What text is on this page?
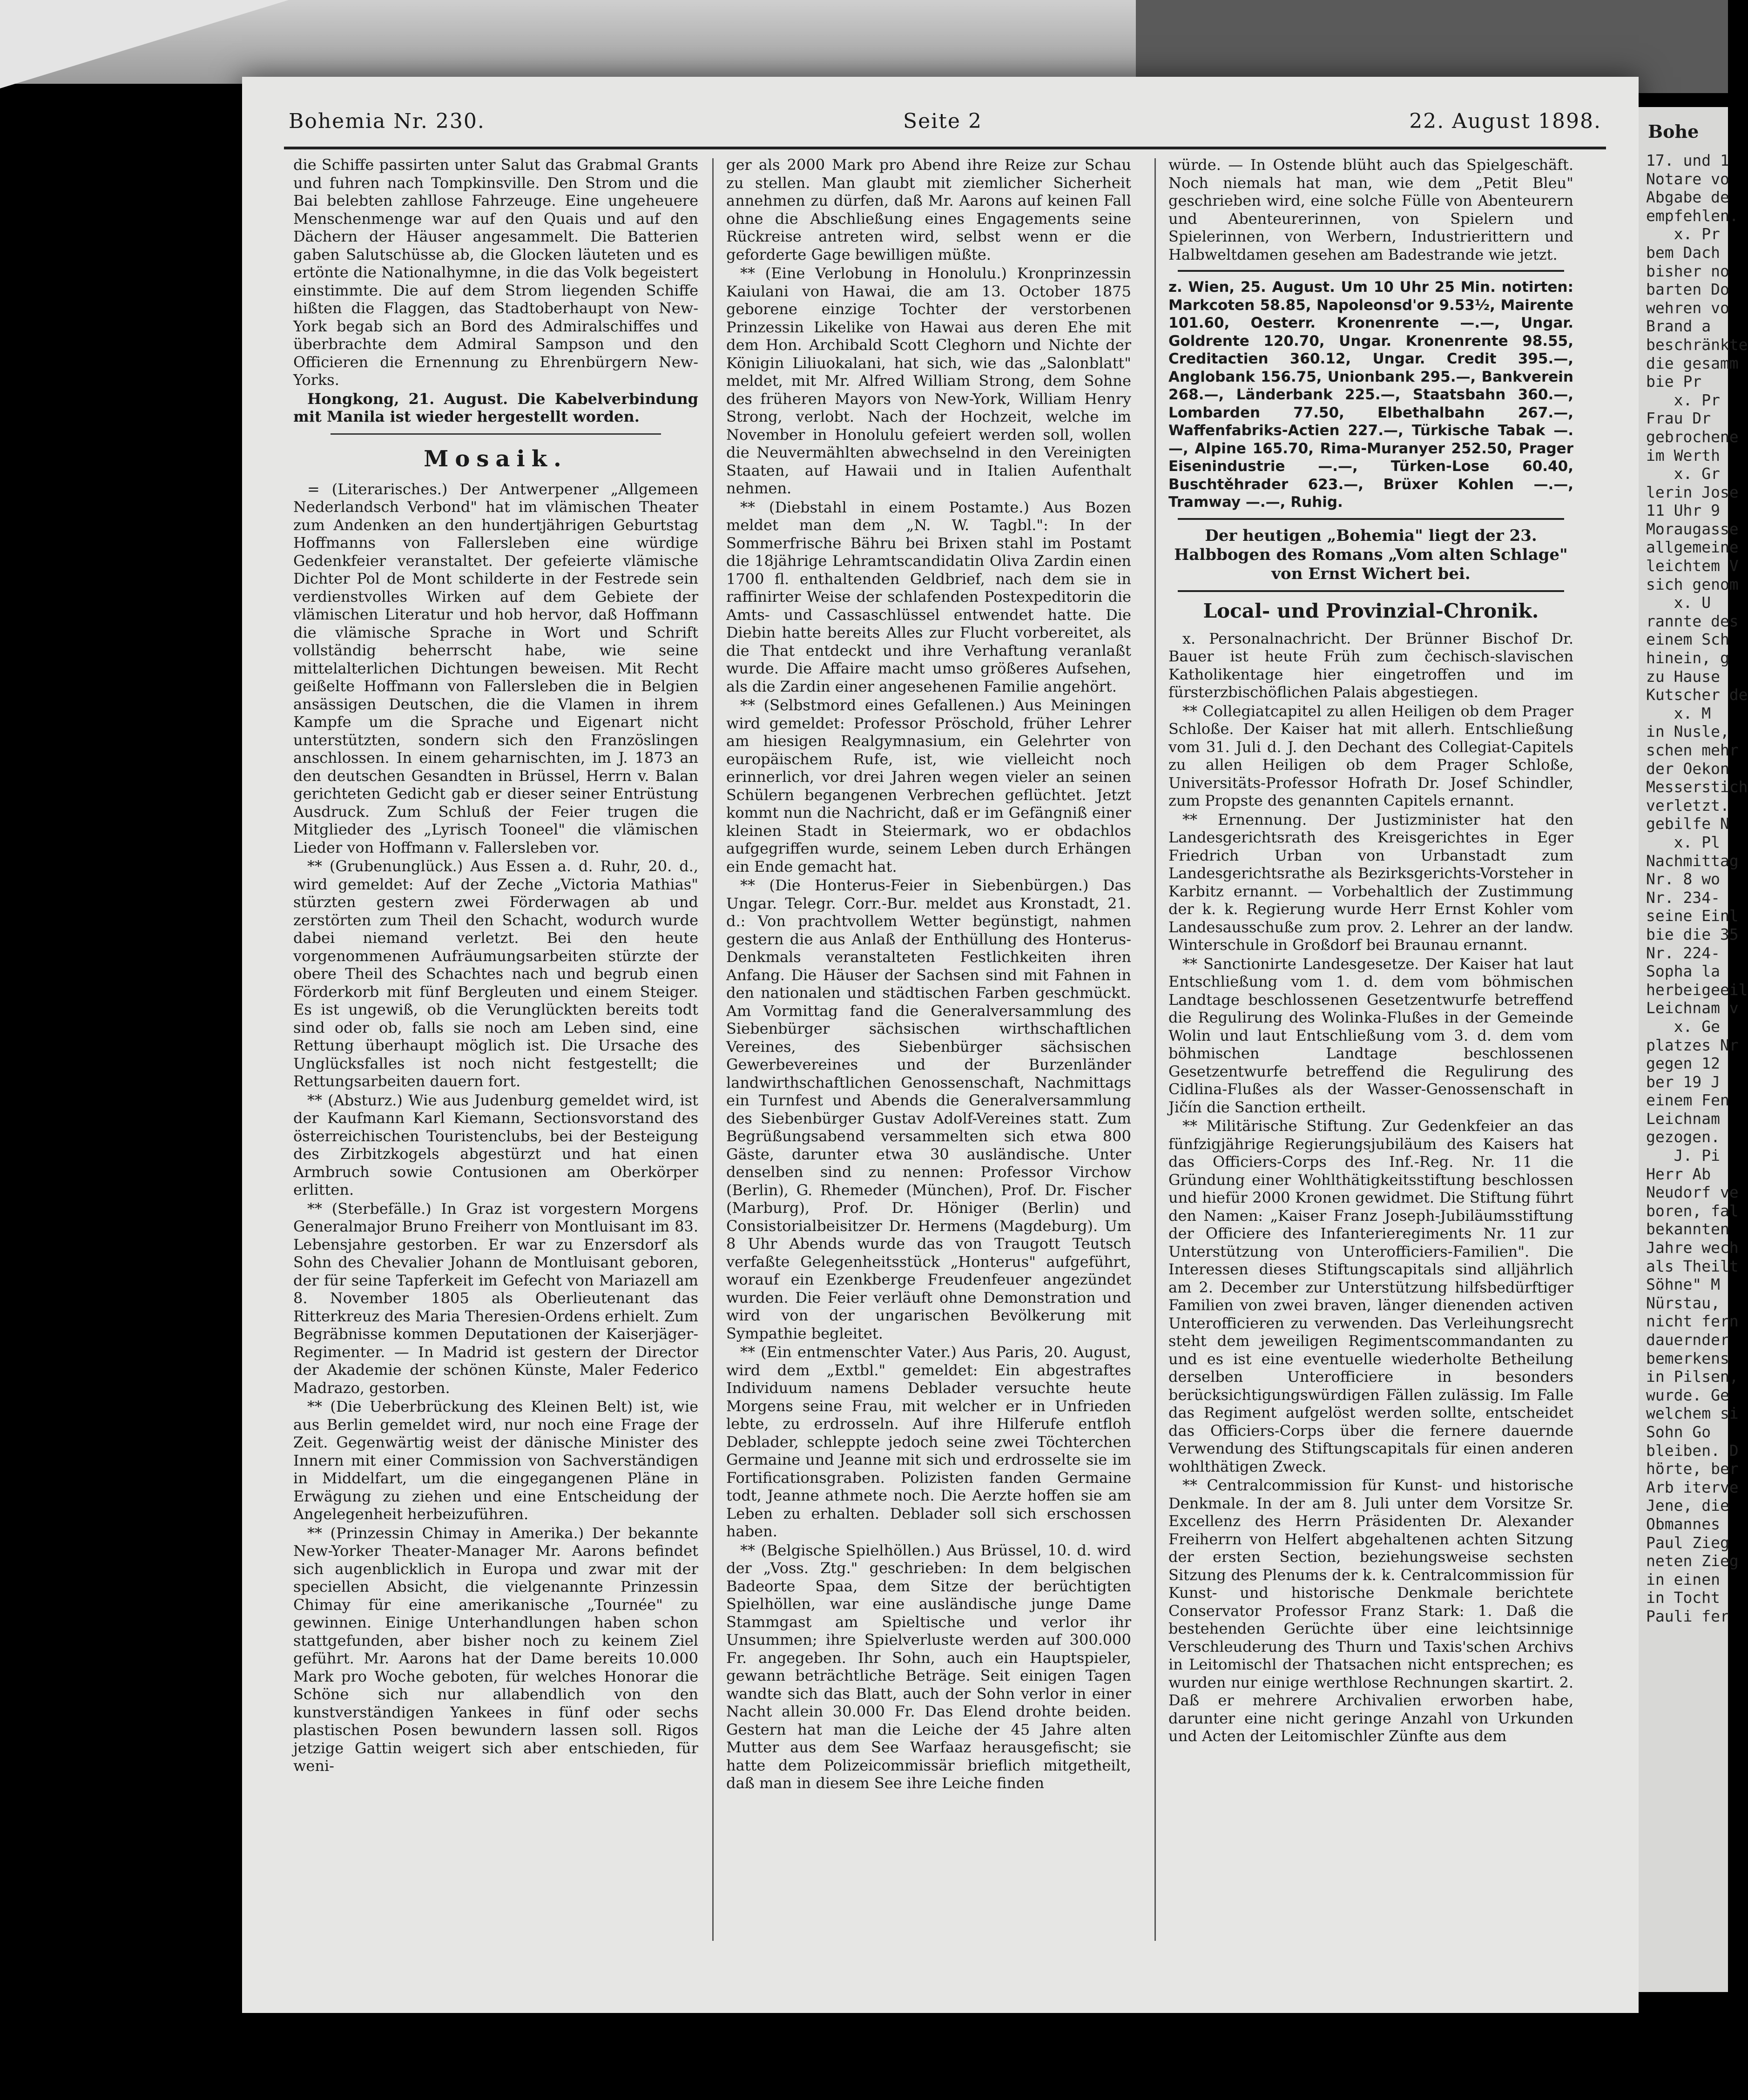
Bohemia Nr. 230.	Seite 2	22. August 1898.

die Schiffe passirten unter Salut das Grabmal Grants und fuhren nach Tompkinsville. Den Strom und die Bai belebten zahllose Fahrzeuge. Eine ungeheuere Menschenmenge war auf den Quais und auf den Dächern der Häuser angesammelt. Die Batterien gaben Salutschüsse ab, die Glocken läuteten und es ertönte die Nationalhymne, in die das Volk begeistert einstimmte. Die auf dem Strom liegenden Schiffe hißten die Flaggen, das Stadtoberhaupt von New-York begab sich an Bord des Admiralschiffes und überbrachte dem Admiral Sampson und den Officieren die Ernennung zu Ehrenbürgern New-Yorks.

Hongkong, 21. August. Die Kabelverbindung mit Manila ist wieder hergestellt worden.

Mosaik.

= (Literarisches.) Der Antwerpener „Allgemeen Nederlandsch Verbond" hat im vlämischen Theater zum Andenken an den hundertjährigen Geburtstag Hoffmanns von Fallersleben eine würdige Gedenkfeier veranstaltet. Der gefeierte vlämische Dichter Pol de Mont schilderte in der Festrede sein verdienstvolles Wirken auf dem Gebiete der vlämischen Literatur und hob hervor, daß Hoffmann die vlämische Sprache in Wort und Schrift vollständig beherrscht habe, wie seine mittelalterlichen Dichtungen beweisen. Mit Recht geißelte Hoffmann von Fallersleben die in Belgien ansässigen Deutschen, die die Vlamen in ihrem Kampfe um die Sprache und Eigenart nicht unterstützten, sondern sich den Französlingen anschlossen. In einem geharnischten, im J. 1873 an den deutschen Gesandten in Brüssel, Herrn v. Balan gerichteten Gedicht gab er dieser seiner Entrüstung Ausdruck. Zum Schluß der Feier trugen die Mitglieder des „Lyrisch Tooneel" die vlämischen Lieder von Hoffmann v. Fallersleben vor.

** (Grubenunglück.) Aus Essen a. d. Ruhr, 20. d., wird gemeldet: Auf der Zeche „Victoria Mathias" stürzten gestern zwei Förderwagen ab und zerstörten zum Theil den Schacht, wodurch wurde dabei niemand verletzt. Bei den heute vorgenommenen Aufräumungsarbeiten stürzte der obere Theil des Schachtes nach und begrub einen Förderkorb mit fünf Bergleuten und einem Steiger. Es ist ungewiß, ob die Verunglückten bereits todt sind oder ob, falls sie noch am Leben sind, eine Rettung überhaupt möglich ist. Die Ursache des Unglücksfalles ist noch nicht festgestellt; die Rettungsarbeiten dauern fort.

** (Absturz.) Wie aus Judenburg gemeldet wird, ist der Kaufmann Karl Kiemann, Sectionsvorstand des österreichischen Touristenclubs, bei der Besteigung des Zirbitzkogels abgestürzt und hat einen Armbruch sowie Contusionen am Oberkörper erlitten.

** (Sterbefälle.) In Graz ist vorgestern Morgens Generalmajor Bruno Freiherr von Montluisant im 83. Lebensjahre gestorben. Er war zu Enzersdorf als Sohn des Chevalier Johann de Montluisant geboren, der für seine Tapferkeit im Gefecht von Mariazell am 8. November 1805 als Oberlieutenant das Ritterkreuz des Maria Theresien-Ordens erhielt. Zum Begräbnisse kommen Deputationen der Kaiserjäger-Regimenter. — In Madrid ist gestern der Director der Akademie der schönen Künste, Maler Federico Madrazo, gestorben.

** (Die Ueberbrückung des Kleinen Belt) ist, wie aus Berlin gemeldet wird, nur noch eine Frage der Zeit. Gegenwärtig weist der dänische Minister des Innern mit einer Commission von Sachverständigen in Middelfart, um die eingegangenen Pläne in Erwägung zu ziehen und eine Entscheidung der Angelegenheit herbeizuführen.

** (Prinzessin Chimay in Amerika.) Der bekannte New-Yorker Theater-Manager Mr. Aarons befindet sich augenblicklich in Europa und zwar mit der speciellen Absicht, die vielgenannte Prinzessin Chimay für eine amerikanische „Tournée" zu gewinnen. Einige Unterhandlungen haben schon stattgefunden, aber bisher noch zu keinem Ziel geführt. Mr. Aarons hat der Dame bereits 10.000 Mark pro Woche geboten, für welches Honorar die Schöne sich nur allabendlich von den kunstverständigen Yankees in fünf oder sechs plastischen Posen bewundern lassen soll. Rigos jetzige Gattin weigert sich aber entschieden, für weni-

ger als 2000 Mark pro Abend ihre Reize zur Schau zu stellen. Man glaubt mit ziemlicher Sicherheit annehmen zu dürfen, daß Mr. Aarons auf keinen Fall ohne die Abschließung eines Engagements seine Rückreise antreten wird, selbst wenn er die geforderte Gage bewilligen müßte.

** (Eine Verlobung in Honolulu.) Kronprinzessin Kaiulani von Hawai, die am 13. October 1875 geborene einzige Tochter der verstorbenen Prinzessin Likelike von Hawai aus deren Ehe mit dem Hon. Archibald Scott Cleghorn und Nichte der Königin Liliuokalani, hat sich, wie das „Salonblatt" meldet, mit Mr. Alfred William Strong, dem Sohne des früheren Mayors von New-York, William Henry Strong, verlobt. Nach der Hochzeit, welche im November in Honolulu gefeiert werden soll, wollen die Neuvermählten abwechselnd in den Vereinigten Staaten, auf Hawaii und in Italien Aufenthalt nehmen.

** (Diebstahl in einem Postamte.) Aus Bozen meldet man dem „N. W. Tagbl.": In der Sommerfrische Bähru bei Brixen stahl im Postamt die 18jährige Lehramtscandidatin Oliva Zardin einen 1700 fl. enthaltenden Geldbrief, nach dem sie in raffinirter Weise der schlafenden Postexpeditorin die Amts- und Cassaschlüssel entwendet hatte. Die Diebin hatte bereits Alles zur Flucht vorbereitet, als die That entdeckt und ihre Verhaftung veranlaßt wurde. Die Affaire macht umso größeres Aufsehen, als die Zardin einer angesehenen Familie angehört.

** (Selbstmord eines Gefallenen.) Aus Meiningen wird gemeldet: Professor Pröschold, früher Lehrer am hiesigen Realgymnasium, ein Gelehrter von europäischem Rufe, ist, wie vielleicht noch erinnerlich, vor drei Jahren wegen vieler an seinen Schülern begangenen Verbrechen geflüchtet. Jetzt kommt nun die Nachricht, daß er im Gefängniß einer kleinen Stadt in Steiermark, wo er obdachlos aufgegriffen wurde, seinem Leben durch Erhängen ein Ende gemacht hat.

** (Die Honterus-Feier in Siebenbürgen.) Das Ungar. Telegr. Corr.-Bur. meldet aus Kronstadt, 21. d.: Von prachtvollem Wetter begünstigt, nahmen gestern die aus Anlaß der Enthüllung des Honterus-Denkmals veranstalteten Festlichkeiten ihren Anfang. Die Häuser der Sachsen sind mit Fahnen in den nationalen und städtischen Farben geschmückt. Am Vormittag fand die Generalversammlung des Siebenbürger sächsischen wirthschaftlichen Vereines, des Siebenbürger sächsischen Gewerbevereines und der Burzenländer landwirthschaftlichen Genossenschaft, Nachmittags ein Turnfest und Abends die Generalversammlung des Siebenbürger Gustav Adolf-Vereines statt. Zum Begrüßungsabend versammelten sich etwa 800 Gäste, darunter etwa 30 ausländische. Unter denselben sind zu nennen: Professor Virchow (Berlin), G. Rhemeder (München), Prof. Dr. Fischer (Marburg), Prof. Dr. Höniger (Berlin) und Consistorialbeisitzer Dr. Hermens (Magdeburg). Um 8 Uhr Abends wurde das von Traugott Teutsch verfaßte Gelegenheitsstück „Honterus" aufgeführt, worauf ein Ezenkberge Freudenfeuer angezündet wurden. Die Feier verläuft ohne Demonstration und wird von der ungarischen Bevölkerung mit Sympathie begleitet.

** (Ein entmenschter Vater.) Aus Paris, 20. August, wird dem „Extbl." gemeldet: Ein abgestraftes Individuum namens Deblader versuchte heute Morgens seine Frau, mit welcher er in Unfrieden lebte, zu erdrosseln. Auf ihre Hilferufe entfloh Deblader, schleppte jedoch seine zwei Töchterchen Germaine und Jeanne mit sich und erdrosselte sie im Fortificationsgraben. Polizisten fanden Germaine todt, Jeanne athmete noch. Die Aerzte hoffen sie am Leben zu erhalten. Deblader soll sich erschossen haben.

** (Belgische Spielhöllen.) Aus Brüssel, 10. d. wird der „Voss. Ztg." geschrieben: In dem belgischen Badeorte Spaa, dem Sitze der berüchtigten Spielhöllen, war eine ausländische junge Dame Stammgast am Spieltische und verlor ihr Unsummen; ihre Spielverluste werden auf 300.000 Fr. angegeben. Ihr Sohn, auch ein Hauptspieler, gewann beträchtliche Beträge. Seit einigen Tagen wandte sich das Blatt, auch der Sohn verlor in einer Nacht allein 30.000 Fr. Das Elend drohte beiden. Gestern hat man die Leiche der 45 Jahre alten Mutter aus dem See Warfaaz herausgefischt; sie hatte dem Polizeicommissär brieflich mitgetheilt, daß man in diesem See ihre Leiche finden

würde. — In Ostende blüht auch das Spielgeschäft. Noch niemals hat man, wie dem „Petit Bleu" geschrieben wird, eine solche Fülle von Abenteurern und Abenteurerinnen, von Spielern und Spielerinnen, von Werbern, Industrierittern und Halbweltdamen gesehen am Badestrande wie jetzt.

z. Wien, 25. August. Um 10 Uhr 25 Min. notirten: Markcoten 58.85, Napoleonsd'or 9.53½, Mairente 101.60, Oesterr. Kronenrente —.—, Ungar. Goldrente 120.70, Ungar. Kronenrente 98.55, Creditactien 360.12, Ungar. Credit 395.—, Anglobank 156.75, Unionbank 295.—, Bankverein 268.—, Länderbank 225.—, Staatsbahn 360.—, Lombarden 77.50, Elbethalbahn 267.—, Waffenfabriks-Actien 227.—, Türkische Tabak —.—, Alpine 165.70, Rima-Muranyer 252.50, Prager Eisenindustrie —.—, Türken-Lose 60.40, Buschtěhrader 623.—, Brüxer Kohlen —.—, Tramway —.—, Ruhig.
Der heutigen „Bohemia" liegt der 23. Halbbogen des Romans „Vom alten Schlage" von Ernst Wichert bei.
Local- und Provinzial-Chronik.

x. Personalnachricht. Der Brünner Bischof Dr. Bauer ist heute Früh zum čechisch-slavischen Katholikentage hier eingetroffen und im fürsterzbischöflichen Palais abgestiegen.

** Collegiatcapitel zu allen Heiligen ob dem Prager Schloße. Der Kaiser hat mit allerh. Entschließung vom 31. Juli d. J. den Dechant des Collegiat-Capitels zu allen Heiligen ob dem Prager Schloße, Universitäts-Professor Hofrath Dr. Josef Schindler, zum Propste des genannten Capitels ernannt.

** Ernennung. Der Justizminister hat den Landesgerichtsrath des Kreisgerichtes in Eger Friedrich Urban von Urbanstadt zum Landesgerichtsrathe als Bezirksgerichts-Vorsteher in Karbitz ernannt. — Vorbehaltlich der Zustimmung der k. k. Regierung wurde Herr Ernst Kohler vom Landesausschuße zum prov. 2. Lehrer an der landw. Winterschule in Großdorf bei Braunau ernannt.

** Sanctionirte Landesgesetze. Der Kaiser hat laut Entschließung vom 1. d. dem vom böhmischen Landtage beschlossenen Gesetzentwurfe betreffend die Regulirung des Wolinka-Flußes in der Gemeinde Wolin und laut Entschließung vom 3. d. dem vom böhmischen Landtage beschlossenen Gesetzentwurfe betreffend die Regulirung des Cidlina-Flußes als der Wasser-Genossenschaft in Jičín die Sanction ertheilt.

** Militärische Stiftung. Zur Gedenkfeier an das fünfzigjährige Regierungsjubiläum des Kaisers hat das Officiers-Corps des Inf.-Reg. Nr. 11 die Gründung einer Wohlthätigkeitsstiftung beschlossen und hiefür 2000 Kronen gewidmet. Die Stiftung führt den Namen: „Kaiser Franz Joseph-Jubiläumsstiftung der Officiere des Infanterieregiments Nr. 11 zur Unterstützung von Unterofficiers-Familien". Die Interessen dieses Stiftungscapitals sind alljährlich am 2. December zur Unterstützung hilfsbedürftiger Familien von zwei braven, länger dienenden activen Unterofficieren zu verwenden. Das Verleihungsrecht steht dem jeweiligen Regimentscommandanten zu und es ist eine eventuelle wiederholte Betheilung derselben Unterofficiere in besonders berücksichtigungswürdigen Fällen zulässig. Im Falle das Regiment aufgelöst werden sollte, entscheidet das Officiers-Corps über die fernere dauernde Verwendung des Stiftungscapitals für einen anderen wohlthätigen Zweck.

** Centralcommission für Kunst- und historische Denkmale. In der am 8. Juli unter dem Vorsitze Sr. Excellenz des Herrn Präsidenten Dr. Alexander Freiherrn von Helfert abgehaltenen achten Sitzung der ersten Section, beziehungsweise sechsten Sitzung des Plenums der k. k. Centralcommission für Kunst- und historische Denkmale berichtete Conservator Professor Franz Stark: 1. Daß die bestehenden Gerüchte über eine leichtsinnige Verschleuderung des Thurn und Taxis'schen Archivs in Leitomischl der Thatsachen nicht entsprechen; es wurden nur einige werthlose Rechnungen skartirt. 2. Daß er mehrere Archivalien erworben habe, darunter eine nicht geringe Anzahl von Urkunden und Acten der Leitomischler Zünfte aus dem

Bohe
17. und 1
Notare vo
Abgabe de
empfehlen.
x. Pr
bem Dach
bisher no
barten Do
wehren vo
Brand a
beschränkte
die gesamm
bie Pr
x. Pr
Frau Dr
gebrochene
im Werth
x. Gr
lerin Jose
11 Uhr 9
Moraugasse
allgemeine
leichtem V
sich genom
x. U
rannte des
einem Sch
hinein, g
zu Hause
Kutscher de
x. M
in Nusle,
schen mehr
der Oekon
Messerstich
verletzt.
gebilfe N
x. Pl
Nachmittag
Nr. 8 wo
Nr. 234-
seine Einl
bie die 35
Nr. 224-
Sopha la
herbeigeeil
Leichnam v
x. Ge
platzes Nr
gegen 12
ber 19 J
einem Fen
Leichnam
gezogen.
J. Pi
Herr Ab
Neudorf ve
boren, fal
bekannten
Jahre wech
als Theilt
Söhne" M
Nürstau,
nicht fern
dauernder
bemerkens
in Pilsen,
wurde. Ge
welchem si
Sohn Go
bleiben. D
hörte, ber
Arb iterve
Jene, die
Obmannes
Paul Zieg
neten Zieg
in einen
in Tocht
Pauli fer
